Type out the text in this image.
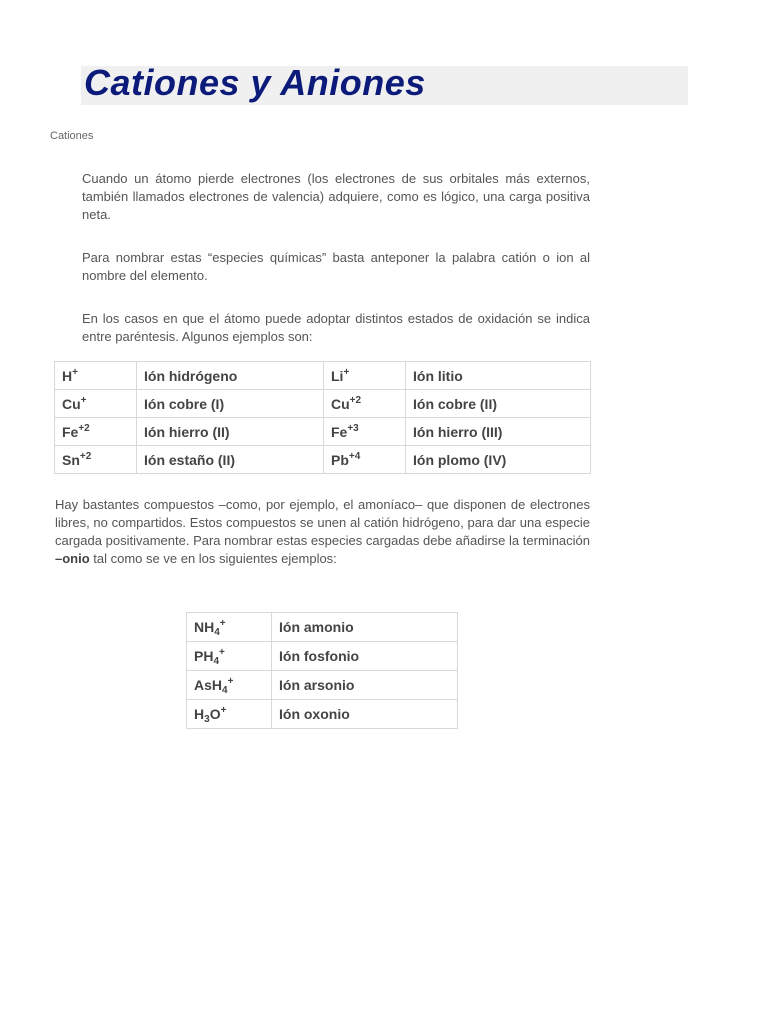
Cationes y Aniones
Cationes

Cuando un átomo pierde electrones (los electrones de sus orbitales más externos, también llamados electrones de valencia) adquiere, como es lógico, una carga positiva neta.

Para nombrar estas “especies químicas” basta anteponer la palabra catión o ion al nombre del elemento.

En los casos en que el átomo puede adoptar distintos estados de oxidación se indica entre paréntesis. Algunos ejemplos son:

H+	Ión hidrógeno	Li+	Ión litio
Cu+	Ión cobre (I)	$Cu^{+2}$	Ión cobre (II)
$Fe^{+2}$	Ión hierro (II)	$Fe^{+3}$	Ión hierro (III)
$Sn^{+2}$	Ión estaño (II)	$Pb^{+4}$	Ión plomo (IV)

Hay bastantes compuestos –como, por ejemplo, el amoníaco– que disponen de electrones libres, no compartidos. Estos compuestos se unen al catión hidrógeno, para dar una especie cargada positivamente. Para nombrar estas especies cargadas debe añadirse la terminación –onio tal como se ve en los siguientes ejemplos:

$NH_4^+$	Ión amonio
$PH_4^+$	Ión fosfonio
AsH$_4$+	Ión arsonio
$H_3O^+$	Ión oxonio
